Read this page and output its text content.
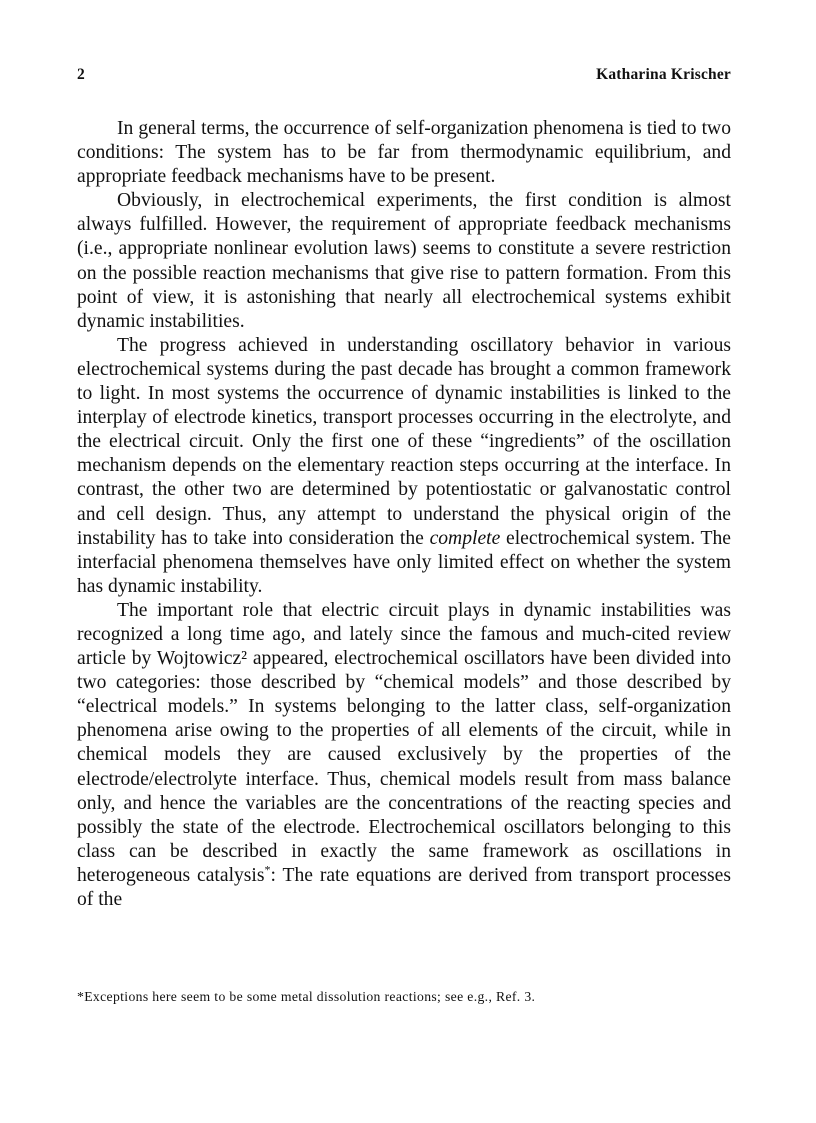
2	Katharina Krischer

In general terms, the occurrence of self-organization phenomena is tied to two conditions: The system has to be far from thermodynamic equilibrium, and appropriate feedback mechanisms have to be present.

Obviously, in electrochemical experiments, the first condition is almost always fulfilled. However, the requirement of appropriate feedback mechanisms (i.e., appropriate nonlinear evolution laws) seems to constitute a severe restriction on the possible reaction mechanisms that give rise to pattern formation. From this point of view, it is astonishing that nearly all electrochemical systems exhibit dynamic instabilities.

The progress achieved in understanding oscillatory behavior in various electrochemical systems during the past decade has brought a common framework to light. In most systems the occurrence of dynamic instabilities is linked to the interplay of electrode kinetics, transport processes occurring in the electrolyte, and the electrical circuit. Only the first one of these “ingredients” of the oscillation mechanism depends on the elementary reaction steps occurring at the interface. In contrast, the other two are determined by potentiostatic or galvanostatic control and cell design. Thus, any attempt to understand the physical origin of the instability has to take into consideration the complete electrochemical system. The interfacial phenomena themselves have only limited effect on whether the system has dynamic instability.

The important role that electric circuit plays in dynamic instabilities was recognized a long time ago, and lately since the famous and much-cited review article by Wojtowicz² appeared, electrochemical oscillators have been divided into two categories: those described by “chemical models” and those described by “electrical models.” In systems belonging to the latter class, self-organization phenomena arise owing to the properties of all elements of the circuit, while in chemical models they are caused exclusively by the properties of the electrode/electrolyte interface. Thus, chemical models result from mass balance only, and hence the variables are the concentrations of the reacting species and possibly the state of the electrode. Electrochemical oscillators belonging to this class can be described in exactly the same framework as oscillations in heterogeneous catalysis*: The rate equations are derived from transport processes of the

*Exceptions here seem to be some metal dissolution reactions; see e.g., Ref. 3.
